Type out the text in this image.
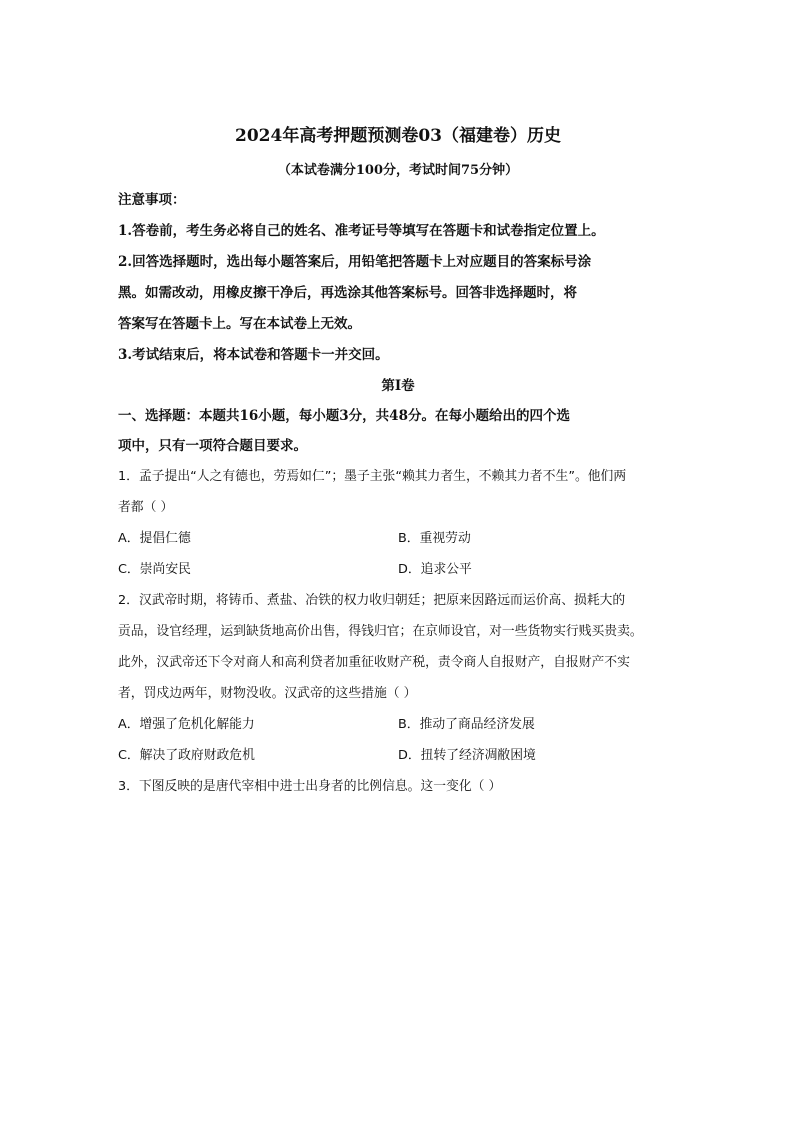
2024年高考押题预测卷03（福建卷）历史
（本试卷满分100分，考试时间75分钟）
注意事项：

1.答卷前，考生务必将自己的姓名、准考证号等填写在答题卡和试卷指定位置上。

2.回答选择题时，选出每小题答案后，用铅笔把答题卡上对应题目的答案标号涂

黑。如需改动，用橡皮擦干净后，再选涂其他答案标号。回答非选择题时，将

答案写在答题卡上。写在本试卷上无效。

3.考试结束后，将本试卷和答题卡一并交回。

第I卷

一、选择题：本题共16小题，每小题3分，共48分。在每小题给出的四个选

项中，只有一项符合题目要求。

1．孟子提出“人之有德也，劳焉如仁”；墨子主张“赖其力者生，不赖其力者不生”。他们两

者都（ ）

A．提倡仁德	B．重视劳动
C．崇尚安民	D．追求公平

2．汉武帝时期，将铸币、煮盐、冶铁的权力收归朝廷；把原来因路远而运价高、损耗大的

贡品，设官经理，运到缺货地高价出售，得钱归官；在京师设官，对一些货物实行贱买贵卖。

此外，汉武帝还下令对商人和高利贷者加重征收财产税，责令商人自报财产，自报财产不实

者，罚戍边两年，财物没收。汉武帝的这些措施（ ）

A．增强了危机化解能力	B．推动了商品经济发展
C．解决了政府财政危机	D．扭转了经济凋敝困境

3．下图反映的是唐代宰相中进士出身者的比例信息。这一变化（ ）
